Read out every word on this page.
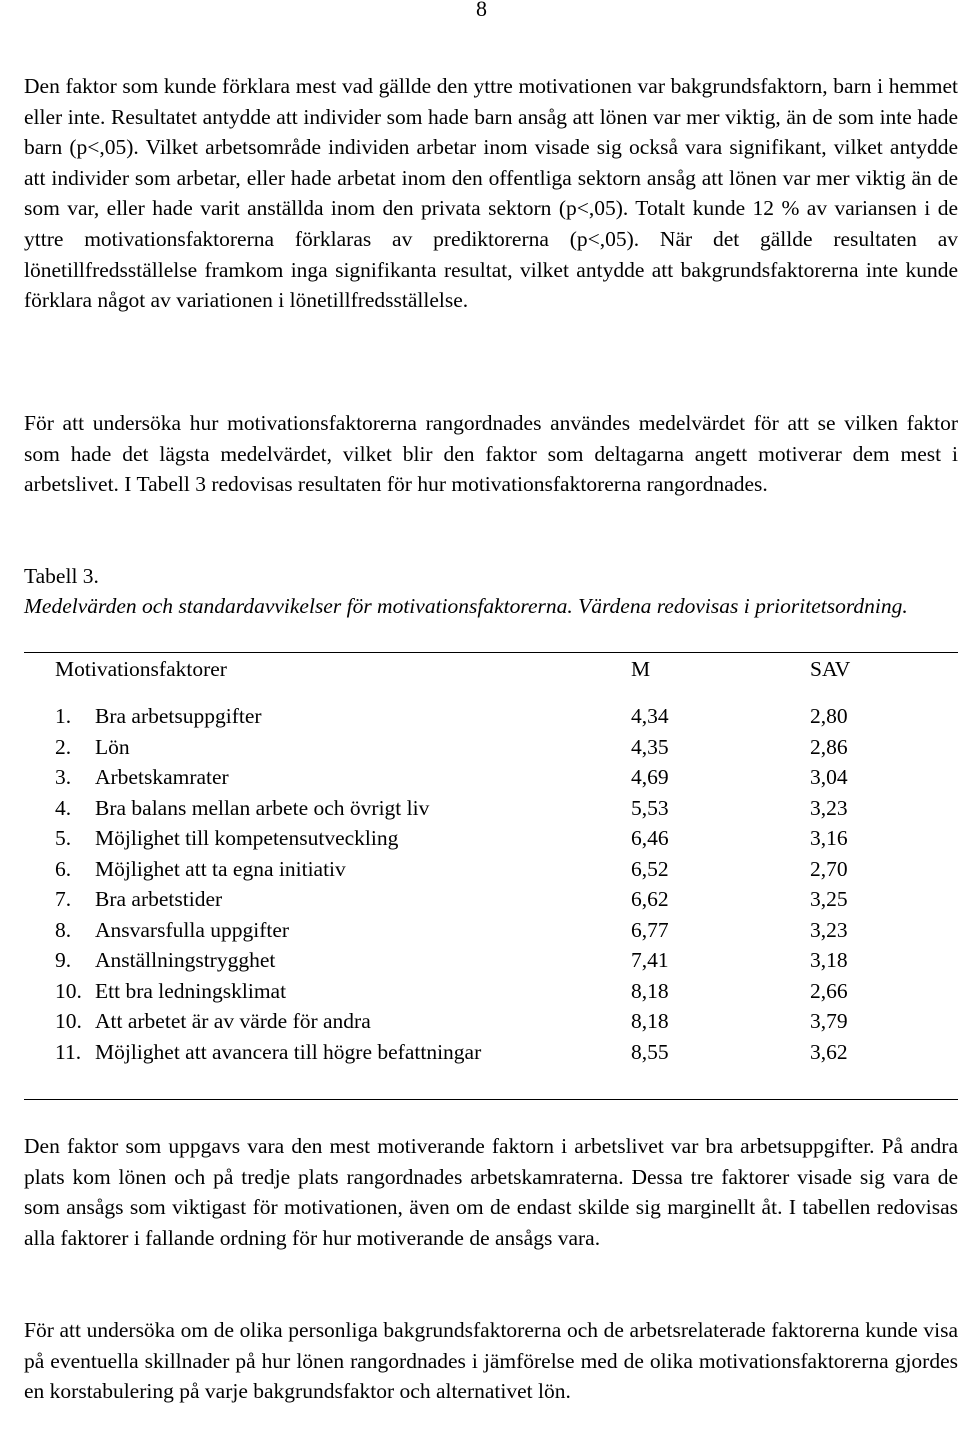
8

Den faktor som kunde förklara mest vad gällde den yttre motivationen var bakgrundsfaktorn, barn i hemmet eller inte. Resultatet antydde att individer som hade barn ansåg att lönen var mer viktig, än de som inte hade barn (p<,05). Vilket arbetsområde individen arbetar inom visade sig också vara signifikant, vilket antydde att individer som arbetar, eller hade arbetat inom den offentliga sektorn ansåg att lönen var mer viktig än de som var, eller hade varit anställda inom den privata sektorn (p<,05). Totalt kunde 12 % av variansen i de yttre motivationsfaktorerna förklaras av prediktorerna (p<,05). När det gällde resultaten av lönetillfredsställelse framkom inga signifikanta resultat, vilket antydde att bakgrundsfaktorerna inte kunde förklara något av variationen i lönetillfredsställelse.

För att undersöka hur motivationsfaktorerna rangordnades användes medelvärdet för att se vilken faktor som hade det lägsta medelvärdet, vilket blir den faktor som deltagarna angett motiverar dem mest i arbetslivet. I Tabell 3 redovisas resultaten för hur motivationsfaktorerna rangordnades.

Tabell 3.

Medelvärden och standardavvikelser för motivationsfaktorerna. Värdena redovisas i prioritetsordning.

Motivationsfaktorer	M	SAV
1. Bra arbetsuppgifter	4,34	2,80
2. Lön	4,35	2,86
3. Arbetskamrater	4,69	3,04
4. Bra balans mellan arbete och övrigt liv	5,53	3,23
5. Möjlighet till kompetensutveckling	6,46	3,16
6. Möjlighet att ta egna initiativ	6,52	2,70
7. Bra arbetstider	6,62	3,25
8. Ansvarsfulla uppgifter	6,77	3,23
9. Anställningstrygghet	7,41	3,18
10. Ett bra ledningsklimat	8,18	2,66
10. Att arbetet är av värde för andra	8,18	3,79
11. Möjlighet att avancera till högre befattningar	8,55	3,62

Den faktor som uppgavs vara den mest motiverande faktorn i arbetslivet var bra arbetsuppgifter. På andra plats kom lönen och på tredje plats rangordnades arbetskamraterna. Dessa tre faktorer visade sig vara de som ansågs som viktigast för motivationen, även om de endast skilde sig marginellt åt. I tabellen redovisas alla faktorer i fallande ordning för hur motiverande de ansågs vara.

För att undersöka om de olika personliga bakgrundsfaktorerna och de arbetsrelaterade faktorerna kunde visa på eventuella skillnader på hur lönen rangordnades i jämförelse med de olika motivationsfaktorerna gjordes en korstabulering på varje bakgrundsfaktor och alternativet lön.
